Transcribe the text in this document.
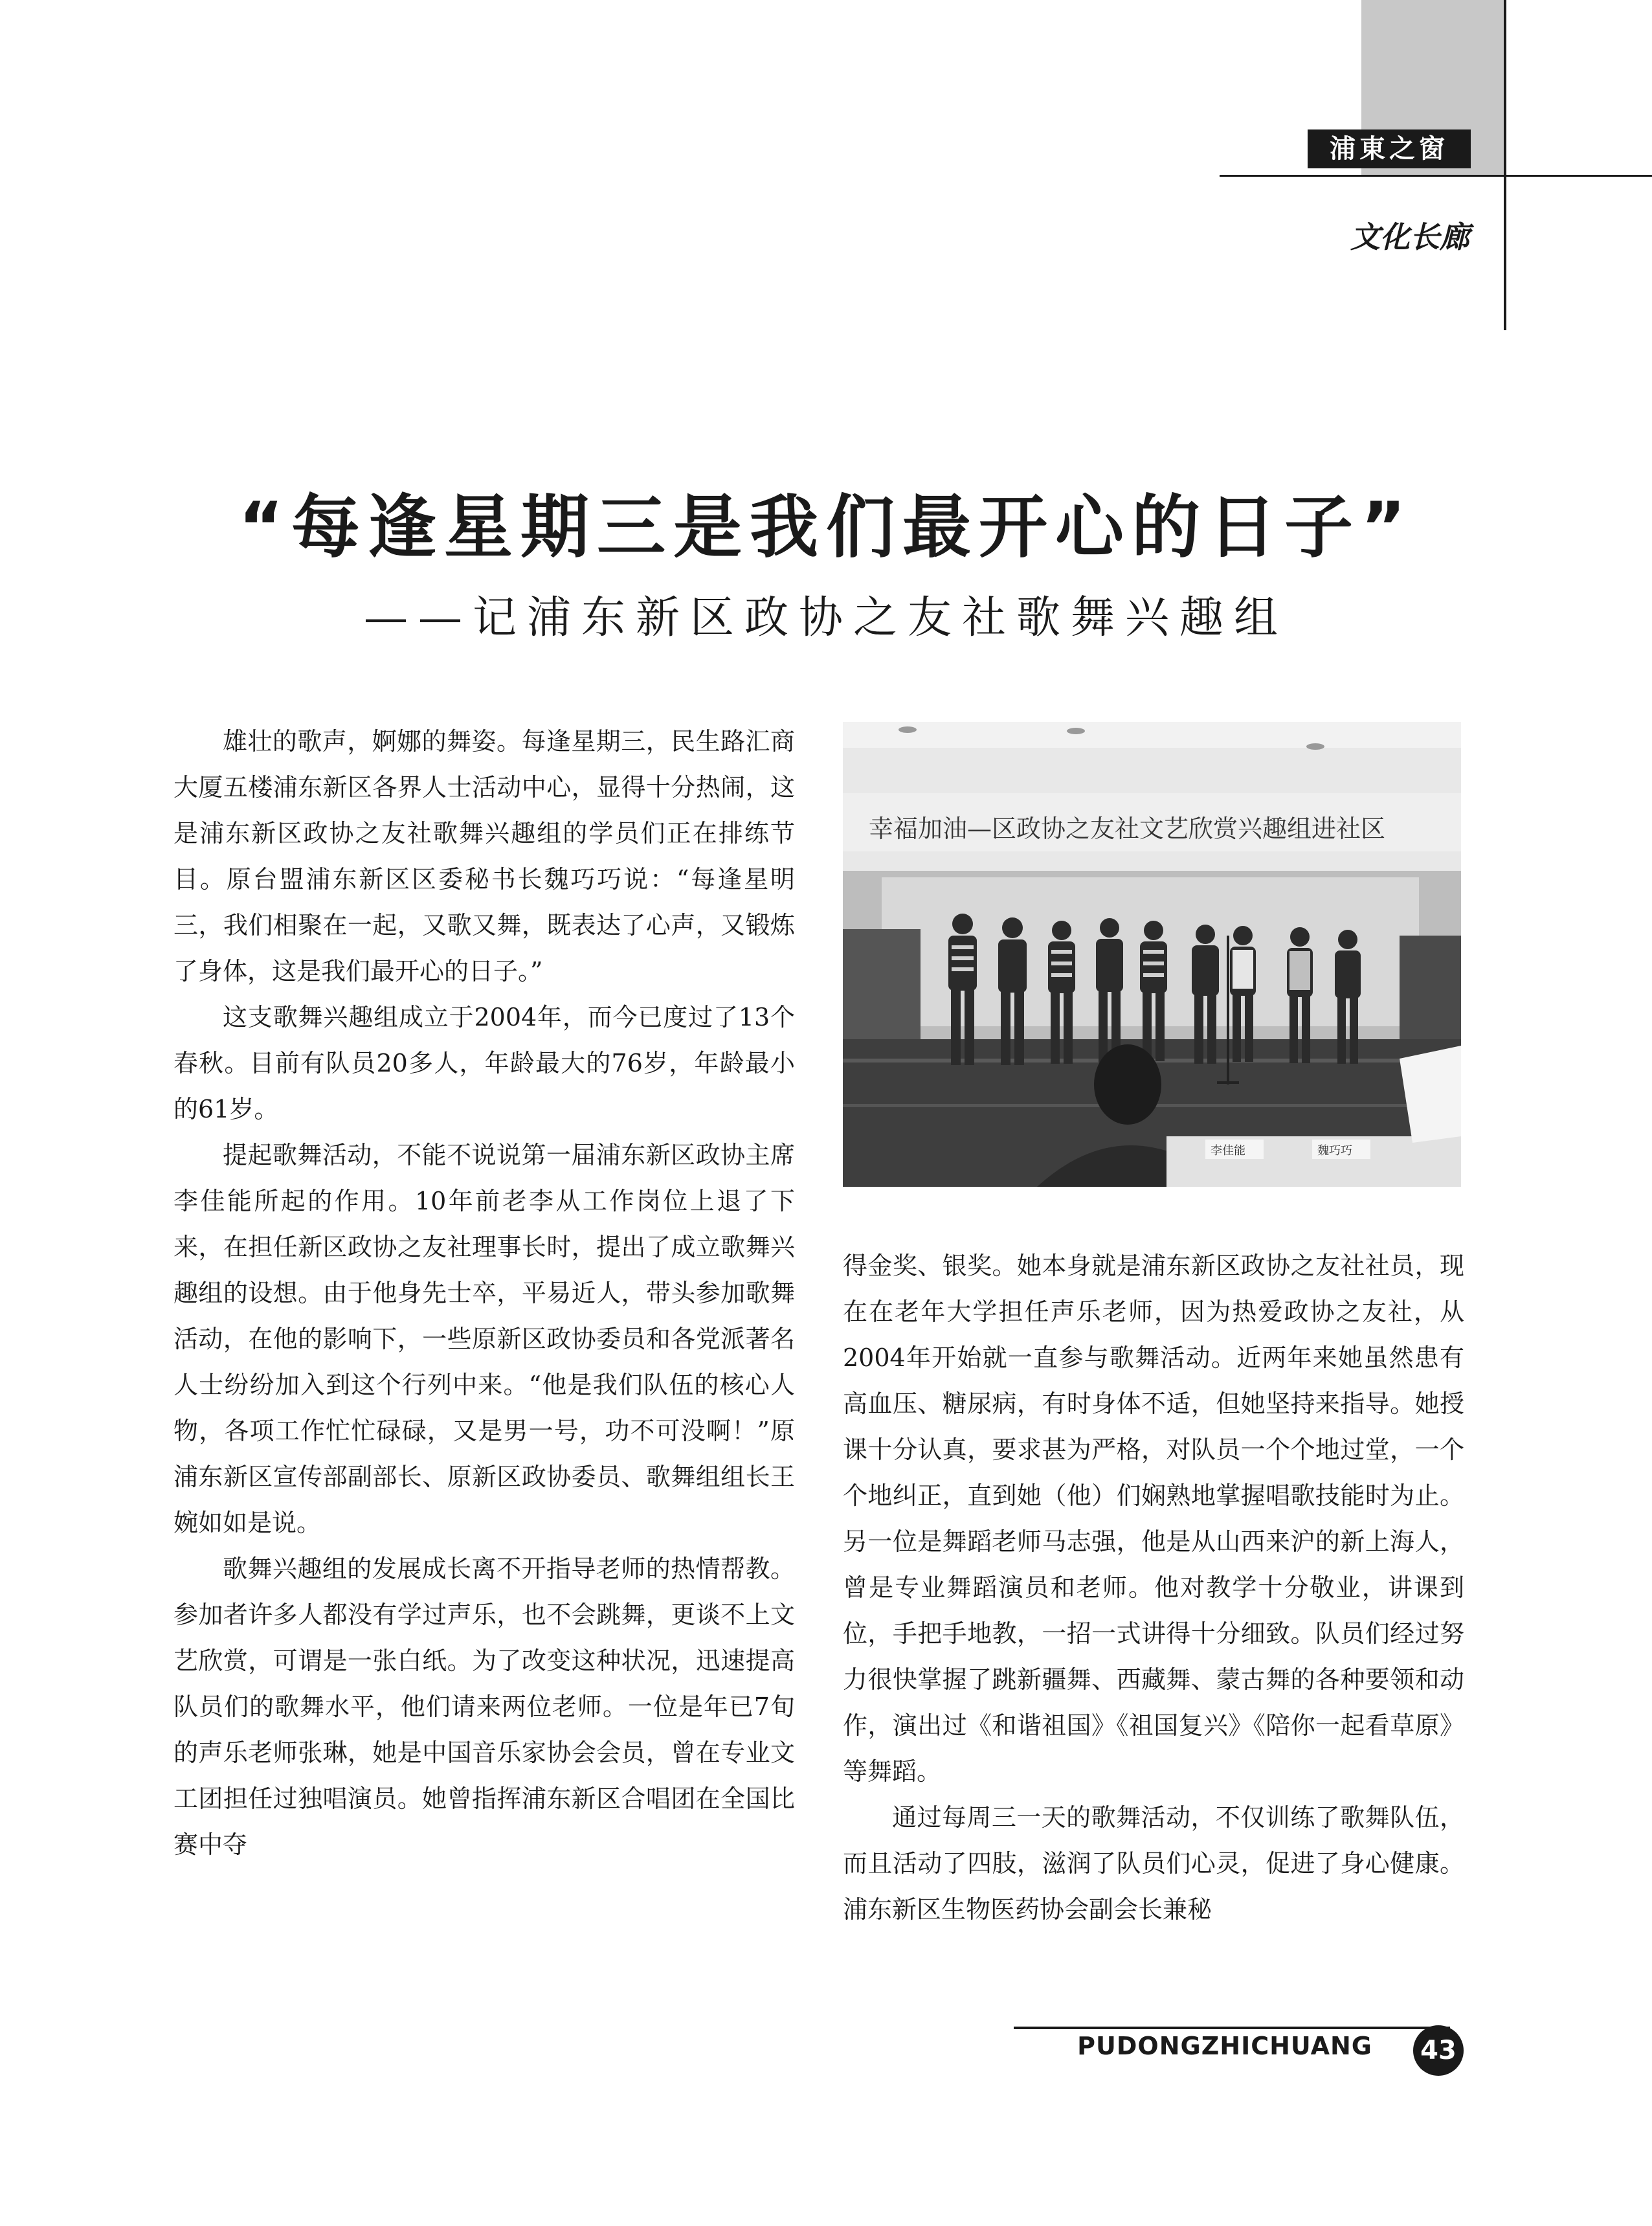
浦東之窗
文化长廊
“每逢星期三是我们最开心的日子”
——记浦东新区政协之友社歌舞兴趣组

雄壮的歌声，婀娜的舞姿。每逢星期三，民生路汇商大厦五楼浦东新区各界人士活动中心，显得十分热闹，这是浦东新区政协之友社歌舞兴趣组的学员们正在排练节目。原台盟浦东新区区委秘书长魏巧巧说：“每逢星明三，我们相聚在一起，又歌又舞，既表达了心声，又锻炼了身体，这是我们最开心的日子。”

这支歌舞兴趣组成立于2004年，而今已度过了13个春秋。目前有队员20多人，年龄最大的76岁，年龄最小的61岁。

提起歌舞活动，不能不说说第一届浦东新区政协主席李佳能所起的作用。10年前老李从工作岗位上退了下来，在担任新区政协之友社理事长时，提出了成立歌舞兴趣组的设想。由于他身先士卒，平易近人，带头参加歌舞活动，在他的影响下，一些原新区政协委员和各党派著名人士纷纷加入到这个行列中来。“他是我们队伍的核心人物，各项工作忙忙碌碌，又是男一号，功不可没啊！”原浦东新区宣传部副部长、原新区政协委员、歌舞组组长王婉如如是说。

歌舞兴趣组的发展成长离不开指导老师的热情帮教。参加者许多人都没有学过声乐，也不会跳舞，更谈不上文艺欣赏，可谓是一张白纸。为了改变这种状况，迅速提高队员们的歌舞水平，他们请来两位老师。一位是年已7旬的声乐老师张琳，她是中国音乐家协会会员，曾在专业文工团担任过独唱演员。她曾指挥浦东新区合唱团在全国比赛中夺

幸福加油—区政协之友社文艺欣赏兴趣组进社区
李佳能	魏巧巧

得金奖、银奖。她本身就是浦东新区政协之友社社员，现在在老年大学担任声乐老师，因为热爱政协之友社，从2004年开始就一直参与歌舞活动。近两年来她虽然患有高血压、糖尿病，有时身体不适，但她坚持来指导。她授课十分认真，要求甚为严格，对队员一个个地过堂，一个个地纠正，直到她（他）们娴熟地掌握唱歌技能时为止。另一位是舞蹈老师马志强，他是从山西来沪的新上海人，曾是专业舞蹈演员和老师。他对教学十分敬业，讲课到位，手把手地教，一招一式讲得十分细致。队员们经过努力很快掌握了跳新疆舞、西藏舞、蒙古舞的各种要领和动作，演出过《和谐祖国》《祖国复兴》《陪你一起看草原》等舞蹈。

通过每周三一天的歌舞活动，不仅训练了歌舞队伍，而且活动了四肢，滋润了队员们心灵，促进了身心健康。浦东新区生物医药协会副会长兼秘

PUDONGZHICHUANG 43
